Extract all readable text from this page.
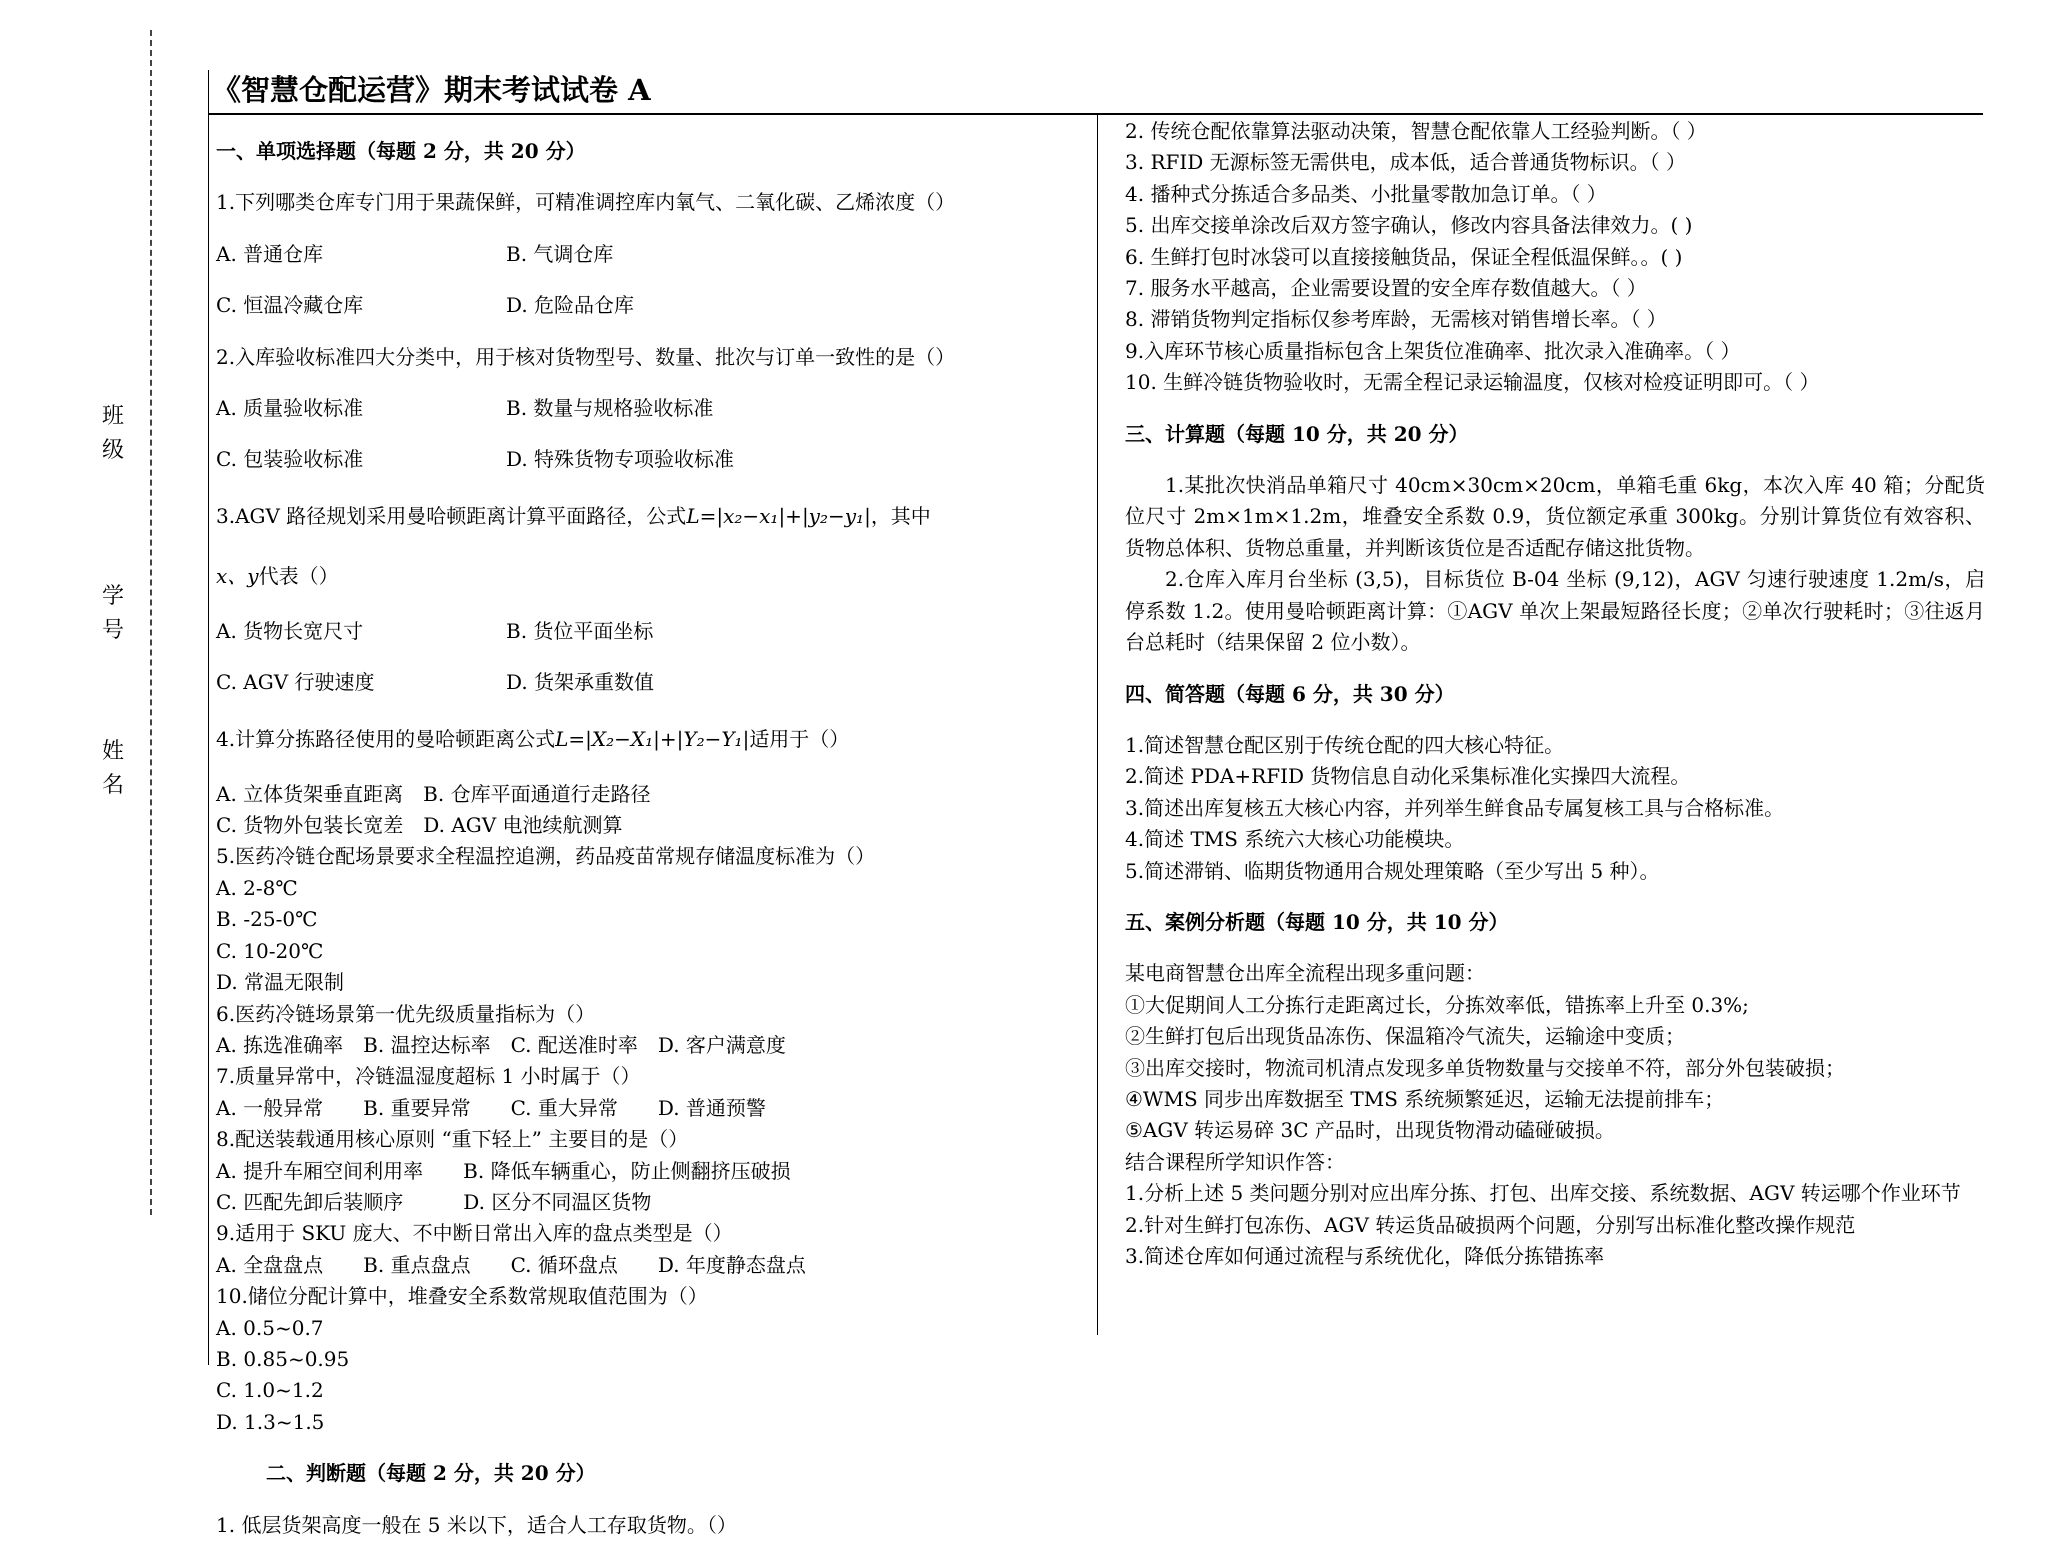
班
级
学
号
姓
名
《智慧仓配运营》期末考试试卷 A

一、单项选择题（每题 2 分，共 20 分）

1.下列哪类仓库专门用于果蔬保鲜，可精准调控库内氧气、二氧化碳、乙烯浓度（）

A. 普通仓库	B. 气调仓库

C. 恒温冷藏仓库	D. 危险品仓库

2.入库验收标准四大分类中，用于核对货物型号、数量、批次与订单一致性的是（）

A. 质量验收标准	B. 数量与规格验收标准

C. 包装验收标准	D. 特殊货物专项验收标准

3.AGV 路径规划采用曼哈顿距离计算平面路径，公式L=|x₂−x₁|+|y₂−y₁|，其中

x、y代表（）

A. 货物长宽尺寸	B. 货位平面坐标

C. AGV 行驶速度	D. 货架承重数值

4.计算分拣路径使用的曼哈顿距离公式L=|X₂−X₁|+|Y₂−Y₁|适用于（）

A. 立体货架垂直距离　B. 仓库平面通道行走路径

C. 货物外包装长宽差　D. AGV 电池续航测算

5.医药冷链仓配场景要求全程温控追溯，药品疫苗常规存储温度标准为（）

A. 2-8℃

B. -25-0℃

C. 10-20℃

D. 常温无限制

6.医药冷链场景第一优先级质量指标为（）

A. 拣选准确率　B. 温控达标率　C. 配送准时率　D. 客户满意度

7.质量异常中，冷链温湿度超标 1 小时属于（）

A. 一般异常　　B. 重要异常　　C. 重大异常　　D. 普通预警

8.配送装载通用核心原则 “重下轻上” 主要目的是（）

A. 提升车厢空间利用率　　B. 降低车辆重心，防止侧翻挤压破损

C. 匹配先卸后装顺序　　　D. 区分不同温区货物

9.适用于 SKU 庞大、不中断日常出入库的盘点类型是（）

A. 全盘盘点　　B. 重点盘点　　C. 循环盘点　　D. 年度静态盘点

10.储位分配计算中，堆叠安全系数常规取值范围为（）

A. 0.5~0.7

B. 0.85~0.95

C. 1.0~1.2

D. 1.3~1.5

二、判断题（每题 2 分，共 20 分）

1. 低层货架高度一般在 5 米以下，适合人工存取货物。（）

2. 传统仓配依靠算法驱动决策，智慧仓配依靠人工经验判断。（ ）

3. RFID 无源标签无需供电，成本低，适合普通货物标识。（ ）

4. 播种式分拣适合多品类、小批量零散加急订单。（ ）

5. 出库交接单涂改后双方签字确认，修改内容具备法律效力。( )

6. 生鲜打包时冰袋可以直接接触货品，保证全程低温保鲜。。( )

7. 服务水平越高，企业需要设置的安全库存数值越大。（ ）

8. 滞销货物判定指标仅参考库龄，无需核对销售增长率。（ ）

9.入库环节核心质量指标包含上架货位准确率、批次录入准确率。（ ）

10. 生鲜冷链货物验收时，无需全程记录运输温度，仅核对检疫证明即可。（ ）

三、计算题（每题 10 分，共 20 分）

1.某批次快消品单箱尺寸 40cm×30cm×20cm，单箱毛重 6kg，本次入库 40 箱；分配货位尺寸 2m×1m×1.2m，堆叠安全系数 0.9，货位额定承重 300kg。分别计算货位有效容积、货物总体积、货物总重量，并判断该货位是否适配存储这批货物。

2.仓库入库月台坐标 (3,5)，目标货位 B-04 坐标 (9,12)，AGV 匀速行驶速度 1.2m/s，启停系数 1.2。使用曼哈顿距离计算：①AGV 单次上架最短路径长度；②单次行驶耗时；③往返月台总耗时（结果保留 2 位小数）。

四、简答题（每题 6 分，共 30 分）

1.简述智慧仓配区别于传统仓配的四大核心特征。

2.简述 PDA+RFID 货物信息自动化采集标准化实操四大流程。

3.简述出库复核五大核心内容，并列举生鲜食品专属复核工具与合格标准。

4.简述 TMS 系统六大核心功能模块。

5.简述滞销、临期货物通用合规处理策略（至少写出 5 种）。

五、案例分析题（每题 10 分，共 10 分）

某电商智慧仓出库全流程出现多重问题：

①大促期间人工分拣行走距离过长，分拣效率低，错拣率上升至 0.3%;

②生鲜打包后出现货品冻伤、保温箱冷气流失，运输途中变质；

③出库交接时，物流司机清点发现多单货物数量与交接单不符，部分外包装破损；

④WMS 同步出库数据至 TMS 系统频繁延迟，运输无法提前排车；

⑤AGV 转运易碎 3C 产品时，出现货物滑动磕碰破损。

结合课程所学知识作答：

1.分析上述 5 类问题分别对应出库分拣、打包、出库交接、系统数据、AGV 转运哪个作业环节

2.针对生鲜打包冻伤、AGV 转运货品破损两个问题，分别写出标准化整改操作规范

3.简述仓库如何通过流程与系统优化，降低分拣错拣率
